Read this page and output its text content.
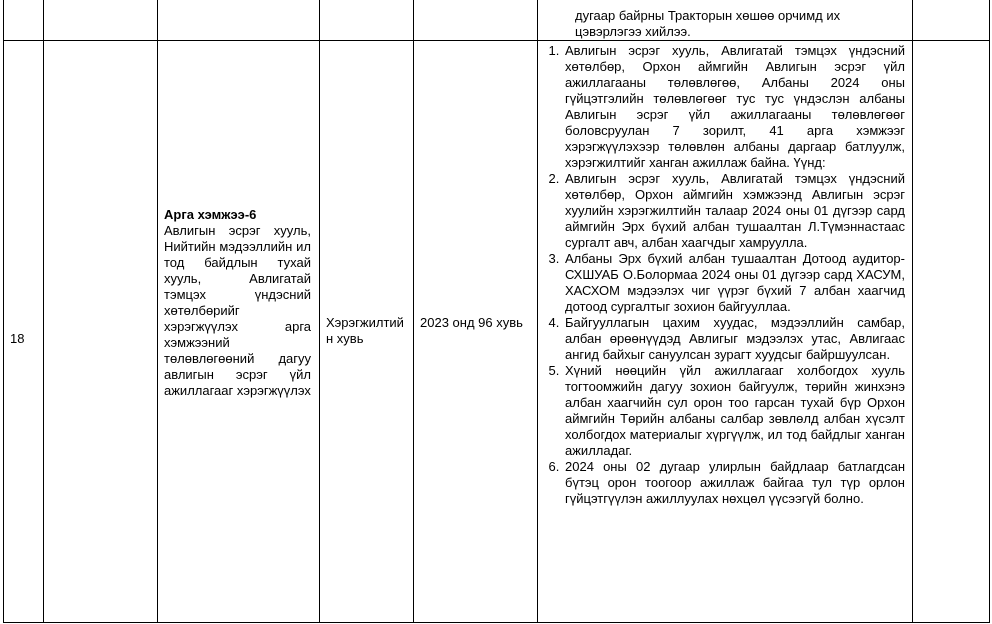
дугаар байрны Тракторын хөшөө орчимд их цэвэрлэгээ хийлээ.
18
Арга хэмжээ-6
Авлигын эсрэг хууль, Нийтийн мэдээллийн ил тод байдлын тухай хууль, Авлигатай тэмцэх үндэсний хөтөлбөрийг хэрэгжүүлэх арга хэмжээний төлөвлөгөөний дагуу авлигын эсрэг үйл ажиллагааг хэрэгжүүлэх
Хэрэгжилтийн хувь
2023 онд 96 хувь
1. Авлигын эсрэг хууль, Авлигатай тэмцэх үндэсний хөтөлбөр, Орхон аймгийн Авлигын эсрэг үйл ажиллагааны төлөвлөгөө, Албаны 2024 оны гүйцэтгэлийн төлөвлөгөөг тус тус үндэслэн албаны Авлигын эсрэг үйл ажиллагааны төлөвлөгөөг боловсруулан 7 зорилт, 41 арга хэмжээг хэрэгжүүлэхээр төлөвлөн албаны даргаар батлуулж, хэрэгжилтийг ханган ажиллаж байна. Үүнд:
2. Авлигын эсрэг хууль, Авлигатай тэмцэх үндэсний хөтөлбөр, Орхон аймгийн хэмжээнд Авлигын эсрэг хуулийн хэрэгжилтийн талаар 2024 оны 01 дүгээр сард аймгийн Эрх бүхий албан тушаалтан Л.Түмэннастаас сургалт авч, албан хаагчдыг хамруулла.
3. Албаны Эрх бүхий албан тушаалтан Дотоод аудитор-СХШУАБ О.Болормаа 2024 оны 01 дүгээр сард ХАСУМ, ХАСХОМ мэдээлэх чиг үүрэг бүхий 7 албан хаагчид дотоод сургалтыг зохион байгууллаа.
4. Байгууллагын цахим хуудас, мэдээллийн самбар, албан өрөөнүүдэд Авлигыг мэдээлэх утас, Авлигаас ангид байхыг сануулсан зурагт хуудсыг байршуулсан.
5. Хүний нөөцийн үйл ажиллагааг холбогдох хууль тогтоомжийн дагуу зохион байгуулж, төрийн жинхэнэ албан хаагчийн сул орон тоо гарсан тухай бүр Орхон аймгийн Төрийн албаны салбар зөвлөлд албан хүсэлт холбогдох материалыг хүргүүлж, ил тод байдлыг ханган ажилладаг.
6. 2024 оны 02 дугаар улирлын байдлаар батлагдсан бүтэц орон тоогоор ажиллаж байгаа тул түр орлон гүйцэтгүүлэн ажиллуулах нөхцөл үүсээгүй болно.
